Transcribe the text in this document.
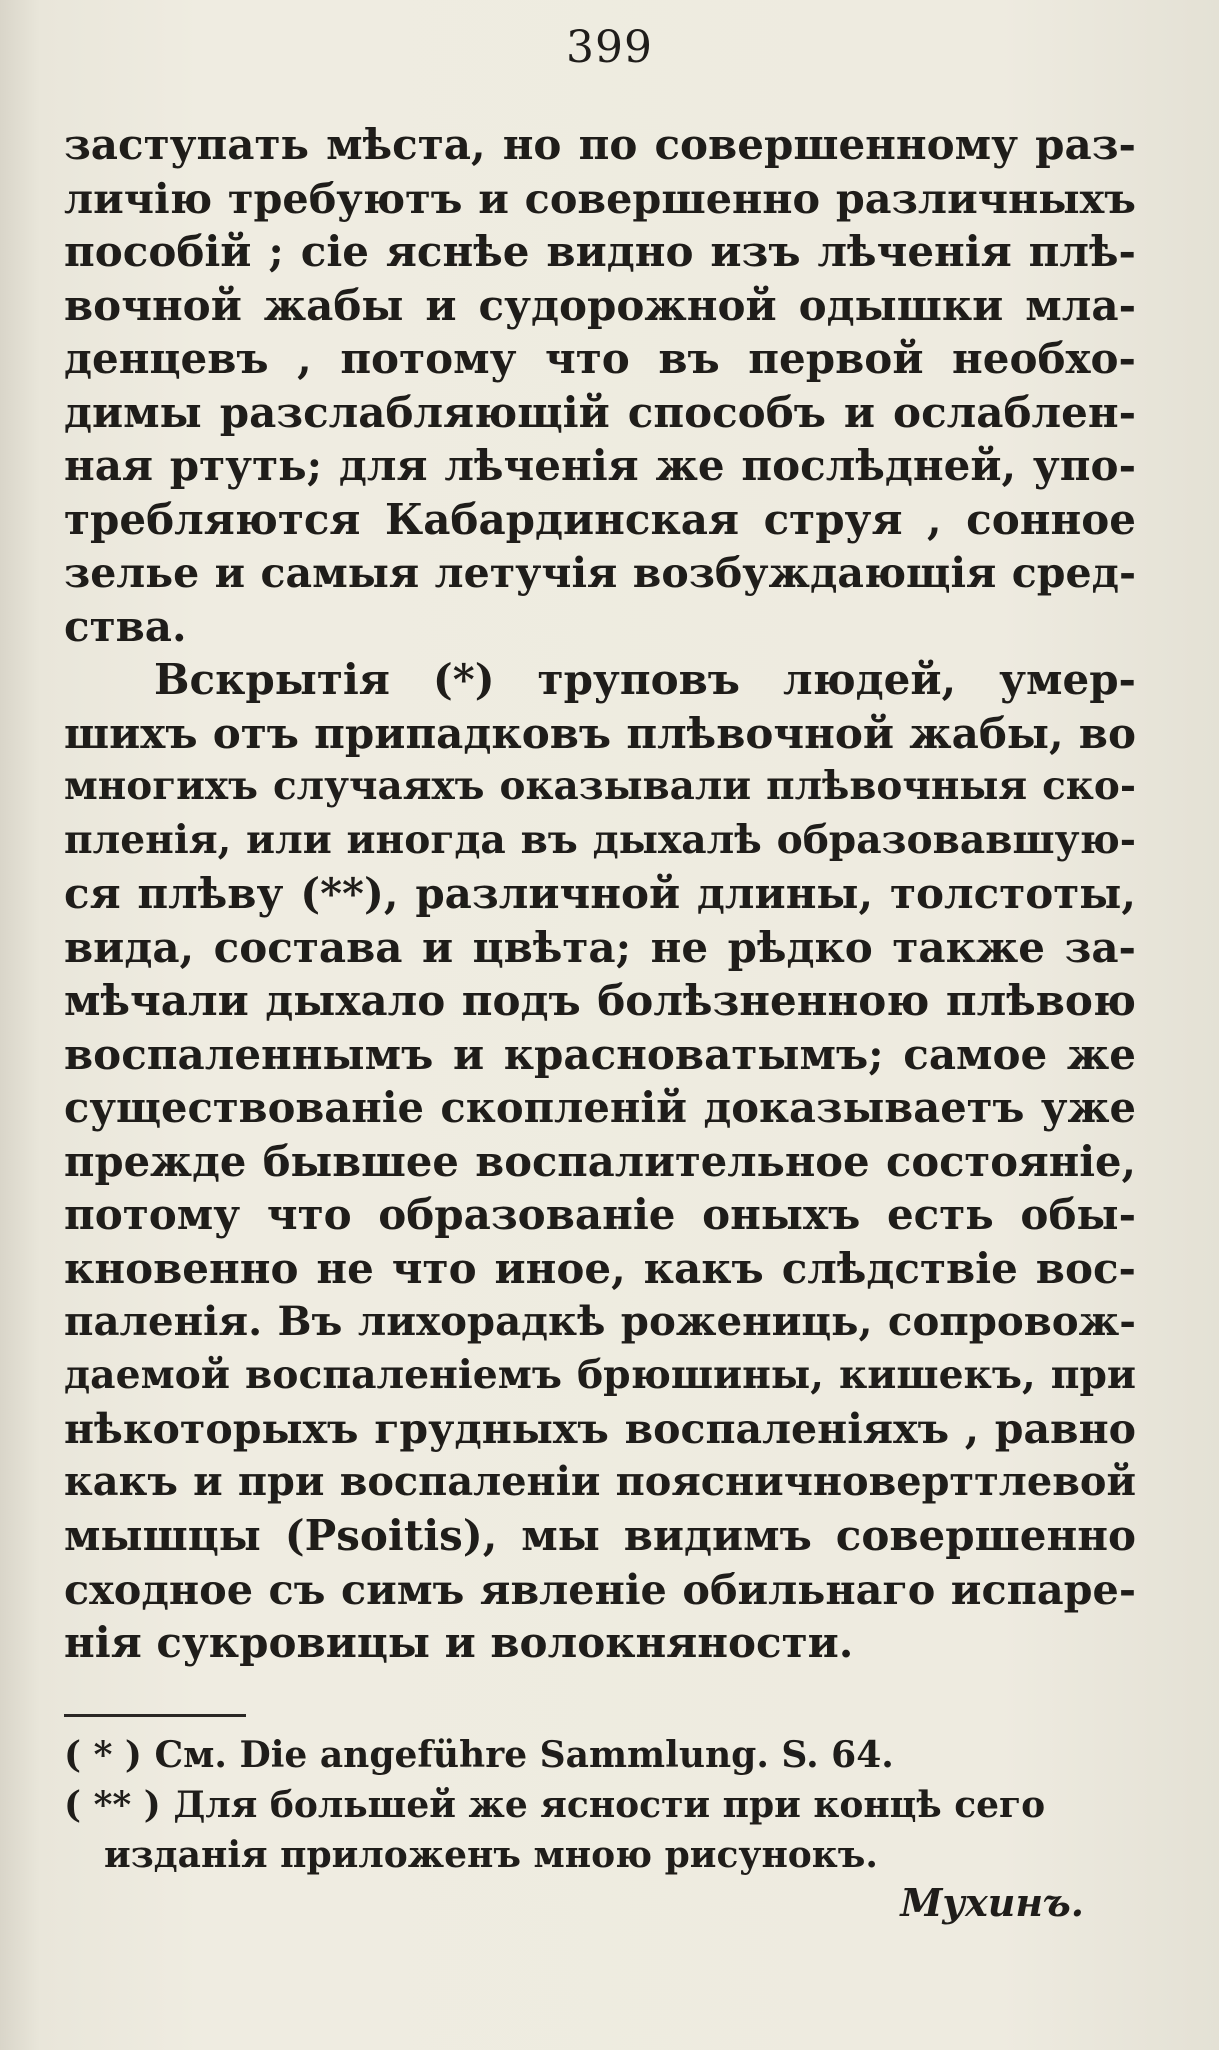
399
заступать мѣста, но по совершенному раз-
личію требуютъ и совершенно различныхъ
пособій ; сіе яснѣе видно изъ лѣченія плѣ-
вочной жабы и судорожной одышки мла-
денцевъ , потому что въ первой необхо-
димы разслабляющій способъ и ослаблен-
ная ртуть; для лѣченія же послѣдней, упо-
требляются Кабардинская струя , сонное
зелье и самыя летучія возбуждающія сред-
ства.
Вскрытія (*) труповъ людей, умер-
шихъ отъ припадковъ плѣвочной жабы, во
многихъ случаяхъ оказывали плѣвочныя ско-
пленія, или иногда въ дыхалѣ образовавшую-
ся плѣву (**), различной длины, толстоты,
вида, состава и цвѣта; не рѣдко также за-
мѣчали дыхало подъ болѣзненною плѣвою
воспаленнымъ и красноватымъ; самое же
существованіе скопленій доказываетъ уже
прежде бывшее воспалительное состояніе,
потому что образованіе оныхъ есть обы-
кновенно не что иное, какъ слѣдствіе вос-
паленія. Въ лихорадкѣ рожениць, сопровож-
даемой воспаленіемъ брюшины, кишекъ, при
нѣкоторыхъ грудныхъ воспаленіяхъ , равно
какъ и при воспаленіи поясничноверттлевой
мышцы (Psoitis), мы видимъ совершенно
сходное съ симъ явленіе обильнаго испаре-
нія сукровицы и волокняности.
( * ) См. Die angeführe Sammlung. S. 64.
( ** ) Для большей же ясности при концѣ сего
изданія приложенъ мною рисунокъ.
Мухинъ.
